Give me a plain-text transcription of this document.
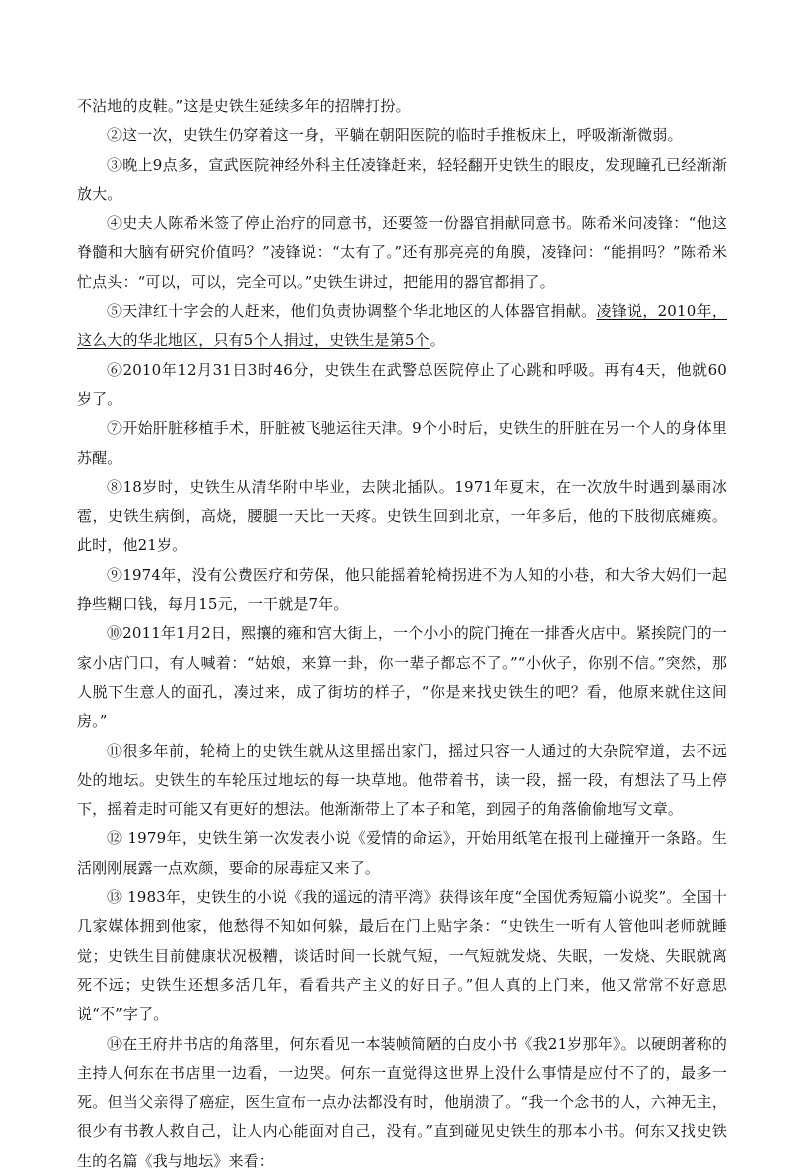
不沾地的皮鞋。”这是史铁生延续多年的招牌打扮。

②这一次，史铁生仍穿着这一身，平躺在朝阳医院的临时手推板床上，呼吸渐渐微弱。

③晚上9点多，宣武医院神经外科主任凌锋赶来，轻轻翻开史铁生的眼皮，发现瞳孔已经渐渐放大。

④史夫人陈希米签了停止治疗的同意书，还要签一份器官捐献同意书。陈希米问凌锋：“他这脊髓和大脑有研究价值吗？”凌锋说：“太有了。”还有那亮亮的角膜，凌锋问：“能捐吗？”陈希米忙点头：“可以，可以，完全可以。”史铁生讲过，把能用的器官都捐了。

⑤天津红十字会的人赶来，他们负责协调整个华北地区的人体器官捐献。凌锋说，2010年，这么大的华北地区，只有5个人捐过，史铁生是第5个。

⑥2010年12月31日3时46分，史铁生在武警总医院停止了心跳和呼吸。再有4天，他就60岁了。

⑦开始肝脏移植手术，肝脏被飞驰运往天津。9个小时后，史铁生的肝脏在另一个人的身体里苏醒。

⑧18岁时，史铁生从清华附中毕业，去陕北插队。1971年夏末，在一次放牛时遇到暴雨冰雹，史铁生病倒，高烧，腰腿一天比一天疼。史铁生回到北京，一年多后，他的下肢彻底瘫痪。此时，他21岁。

⑨1974年，没有公费医疗和劳保，他只能摇着轮椅拐进不为人知的小巷，和大爷大妈们一起挣些糊口钱，每月15元，一干就是7年。

⑩2011年1月2日，熙攘的雍和宫大街上，一个小小的院门掩在一排香火店中。紧挨院门的一家小店门口，有人喊着：“姑娘，来算一卦，你一辈子都忘不了。”“小伙子，你别不信。”突然，那人脱下生意人的面孔，凑过来，成了街坊的样子，“你是来找史铁生的吧？看，他原来就住这间房。”

⑪很多年前，轮椅上的史铁生就从这里摇出家门，摇过只容一人通过的大杂院窄道，去不远处的地坛。史铁生的车轮压过地坛的每一块草地。他带着书，读一段，摇一段，有想法了马上停下，摇着走时可能又有更好的想法。他渐渐带上了本子和笔，到园子的角落偷偷地写文章。

⑫ 1979年，史铁生第一次发表小说《爱情的命运》，开始用纸笔在报刊上碰撞开一条路。生活刚刚展露一点欢颜，要命的尿毒症又来了。

⑬ 1983年，史铁生的小说《我的遥远的清平湾》获得该年度“全国优秀短篇小说奖”。全国十几家媒体拥到他家，他愁得不知如何躲，最后在门上贴字条：“史铁生一听有人管他叫老师就睡觉；史铁生目前健康状况极糟，谈话时间一长就气短，一气短就发烧、失眠，一发烧、失眠就离死不远；史铁生还想多活几年，看看共产主义的好日子。”但人真的上门来，他又常常不好意思说“不”字了。

⑭在王府井书店的角落里，何东看见一本装帧简陋的白皮小书《我21岁那年》。以硬朗著称的主持人何东在书店里一边看，一边哭。何东一直觉得这世界上没什么事情是应付不了的，最多一死。但当父亲得了癌症，医生宣布一点办法都没有时，他崩溃了。“我一个念书的人，六神无主，很少有书教人救自己，让人内心能面对自己，没有。”直到碰见史铁生的那本小书。何东又找史铁生的名篇《我与地坛》来看：
